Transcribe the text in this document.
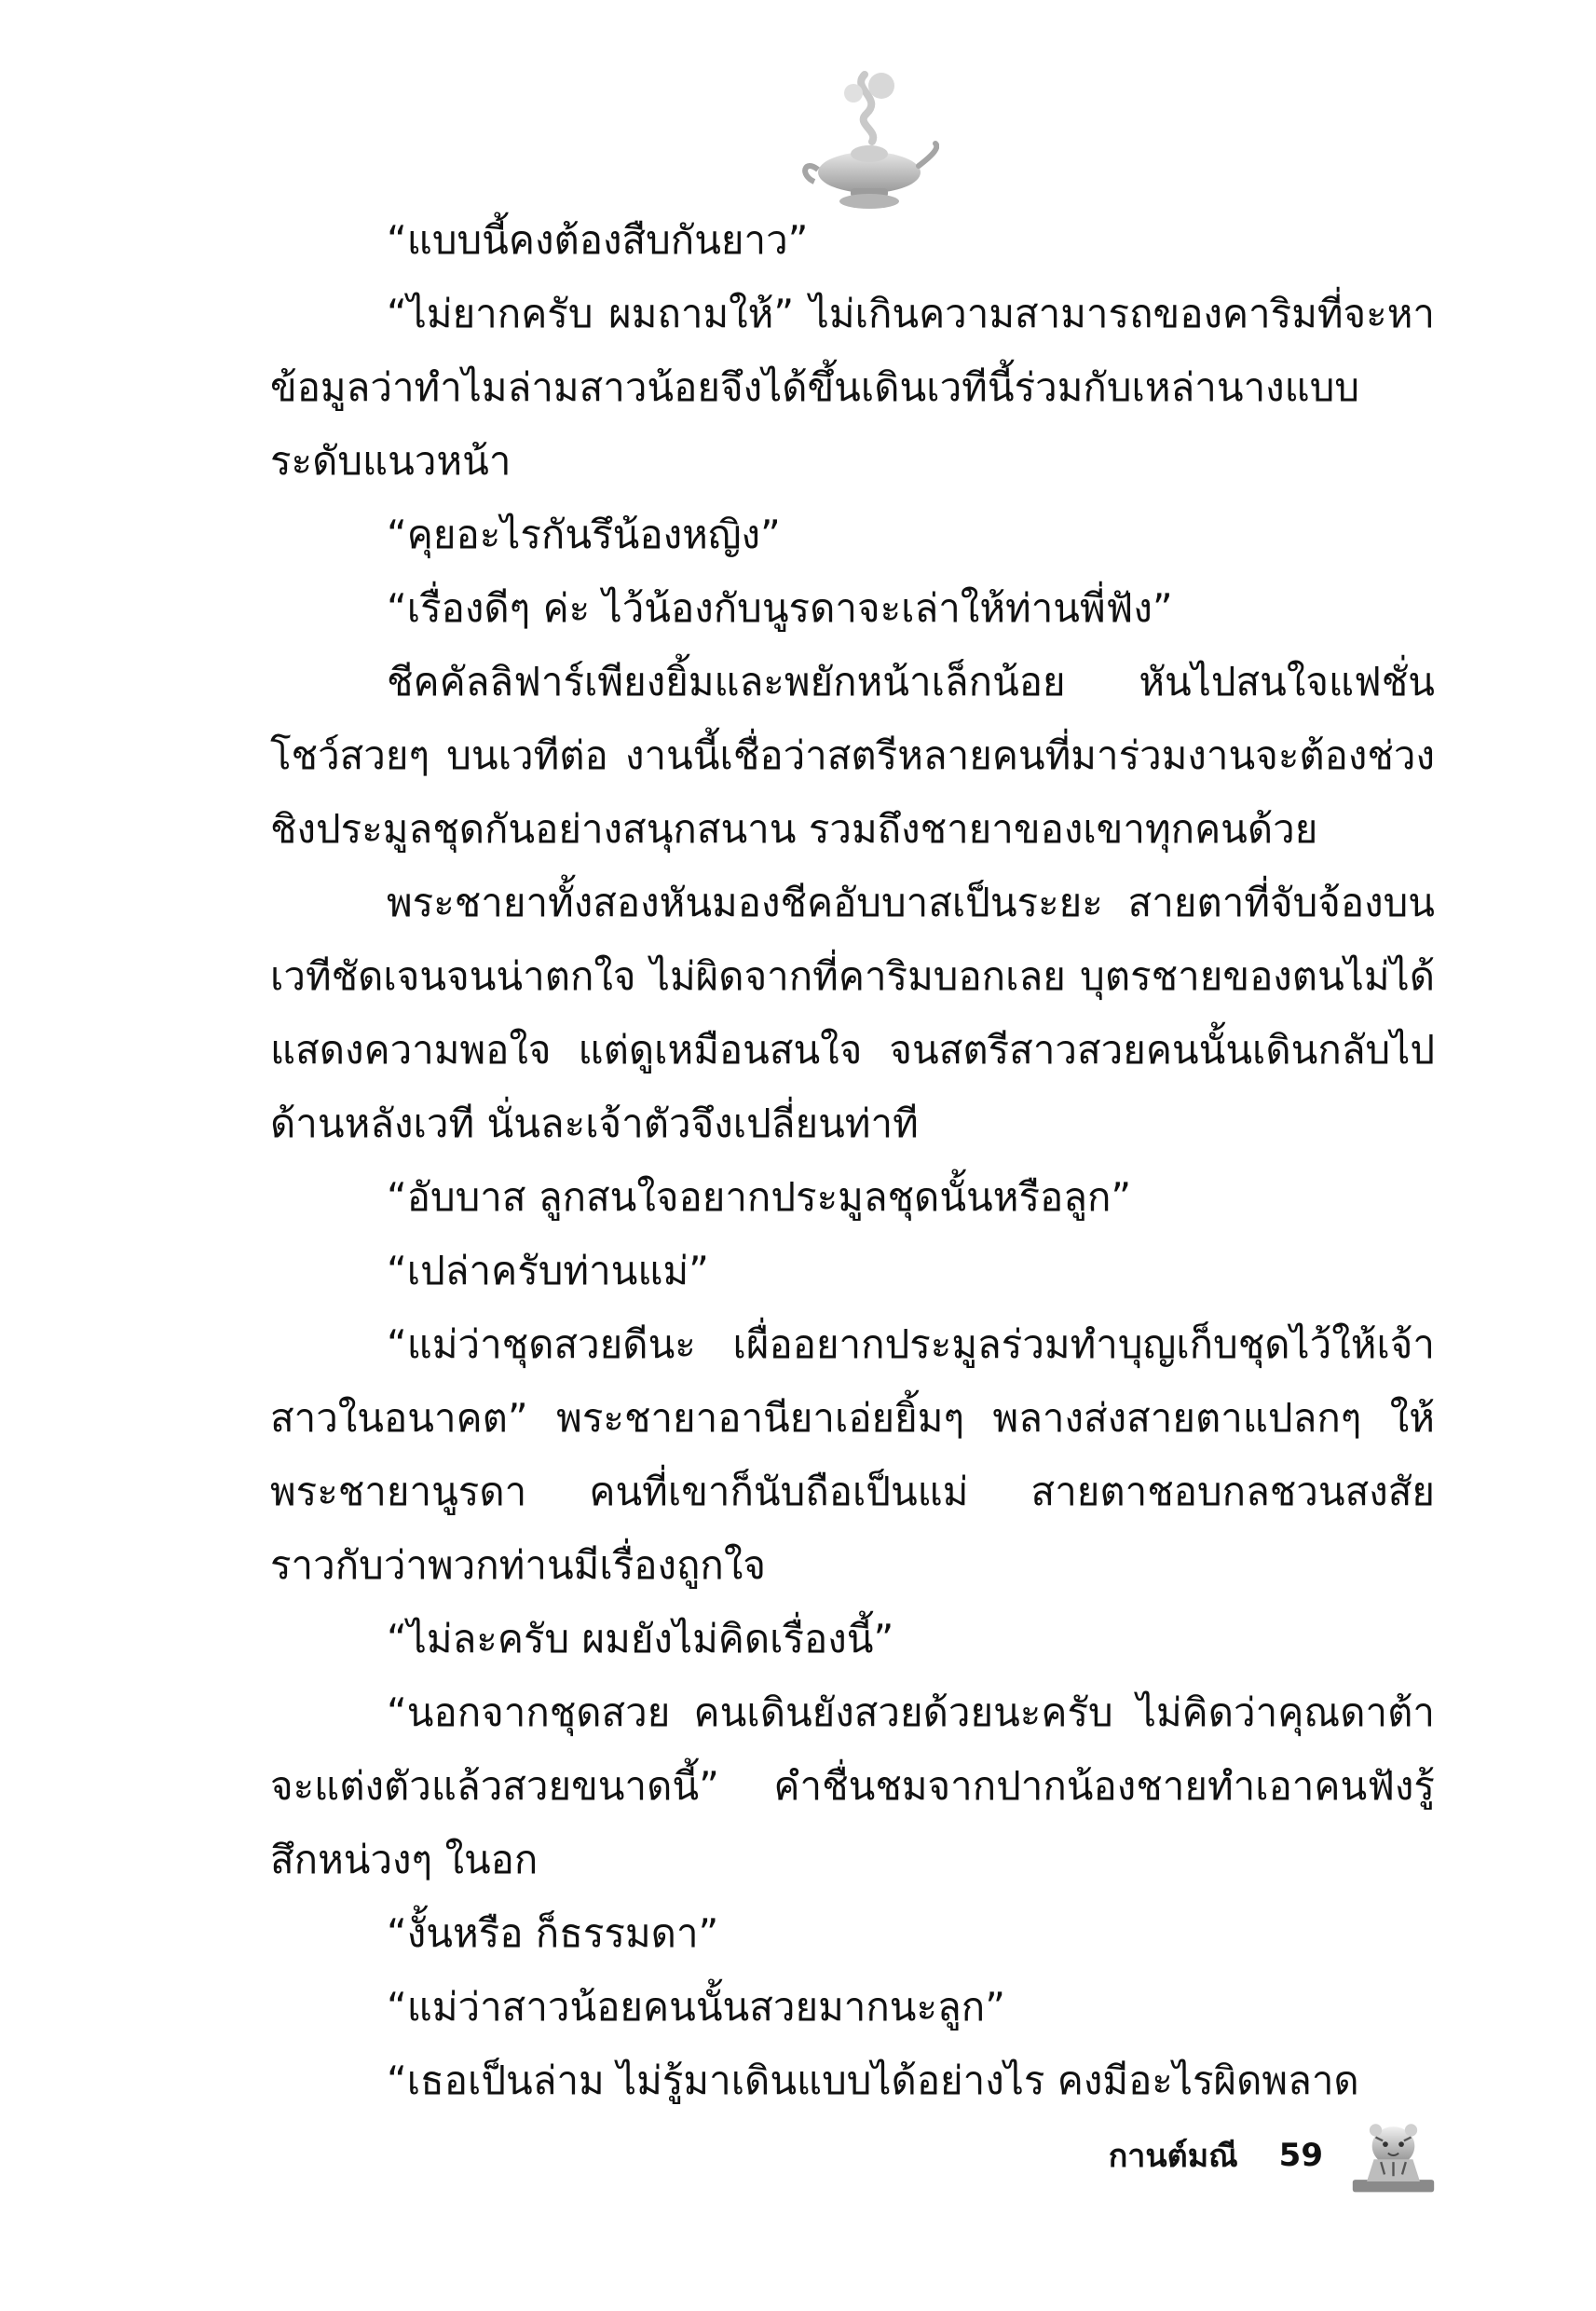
“แบบนี้คงต้องสืบกันยาว”

“ไม่ยากครับ ผมถามให้” ไม่เกินความสามารถของคาริมที่จะหาข้อมูลว่าทำไมล่ามสาวน้อยจึงได้ขึ้นเดินเวทีนี้ร่วมกับเหล่านางแบบระดับแนวหน้า

“คุยอะไรกันรึน้องหญิง”

“เรื่องดีๆ ค่ะ ไว้น้องกับนูรดาจะเล่าให้ท่านพี่ฟัง”

ชีคคัลลิฟาร์เพียงยิ้มและพยักหน้าเล็กน้อย หันไปสนใจแฟชั่นโชว์สวยๆ บนเวทีต่อ งานนี้เชื่อว่าสตรีหลายคนที่มาร่วมงานจะต้องช่วงชิงประมูลชุดกันอย่างสนุกสนาน รวมถึงชายาของเขาทุกคนด้วย

พระชายาทั้งสองหันมองชีคอับบาสเป็นระยะ สายตาที่จับจ้องบนเวทีชัดเจนจนน่าตกใจ ไม่ผิดจากที่คาริมบอกเลย บุตรชายของตนไม่ได้แสดงความพอใจ แต่ดูเหมือนสนใจ จนสตรีสาวสวยคนนั้นเดินกลับไปด้านหลังเวที นั่นละเจ้าตัวจึงเปลี่ยนท่าที

“อับบาส ลูกสนใจอยากประมูลชุดนั้นหรือลูก”

“เปล่าครับท่านแม่”

“แม่ว่าชุดสวยดีนะ เผื่ออยากประมูลร่วมทำบุญเก็บชุดไว้ให้เจ้าสาวในอนาคต” พระชายาอานียาเอ่ยยิ้มๆ พลางส่งสายตาแปลกๆ ให้พระชายานูรดา คนที่เขาก็นับถือเป็นแม่ สายตาชอบกลชวนสงสัยราวกับว่าพวกท่านมีเรื่องถูกใจ

“ไม่ละครับ ผมยังไม่คิดเรื่องนี้”

“นอกจากชุดสวย คนเดินยังสวยด้วยนะครับ ไม่คิดว่าคุณดาต้าจะแต่งตัวแล้วสวยขนาดนี้” คำชื่นชมจากปากน้องชายทำเอาคนฟังรู้สึกหน่วงๆ ในอก

“งั้นหรือ ก็ธรรมดา”

“แม่ว่าสาวน้อยคนนั้นสวยมากนะลูก”

“เธอเป็นล่าม ไม่รู้มาเดินแบบได้อย่างไร คงมีอะไรผิดพลาด

กานต์มณี 59
